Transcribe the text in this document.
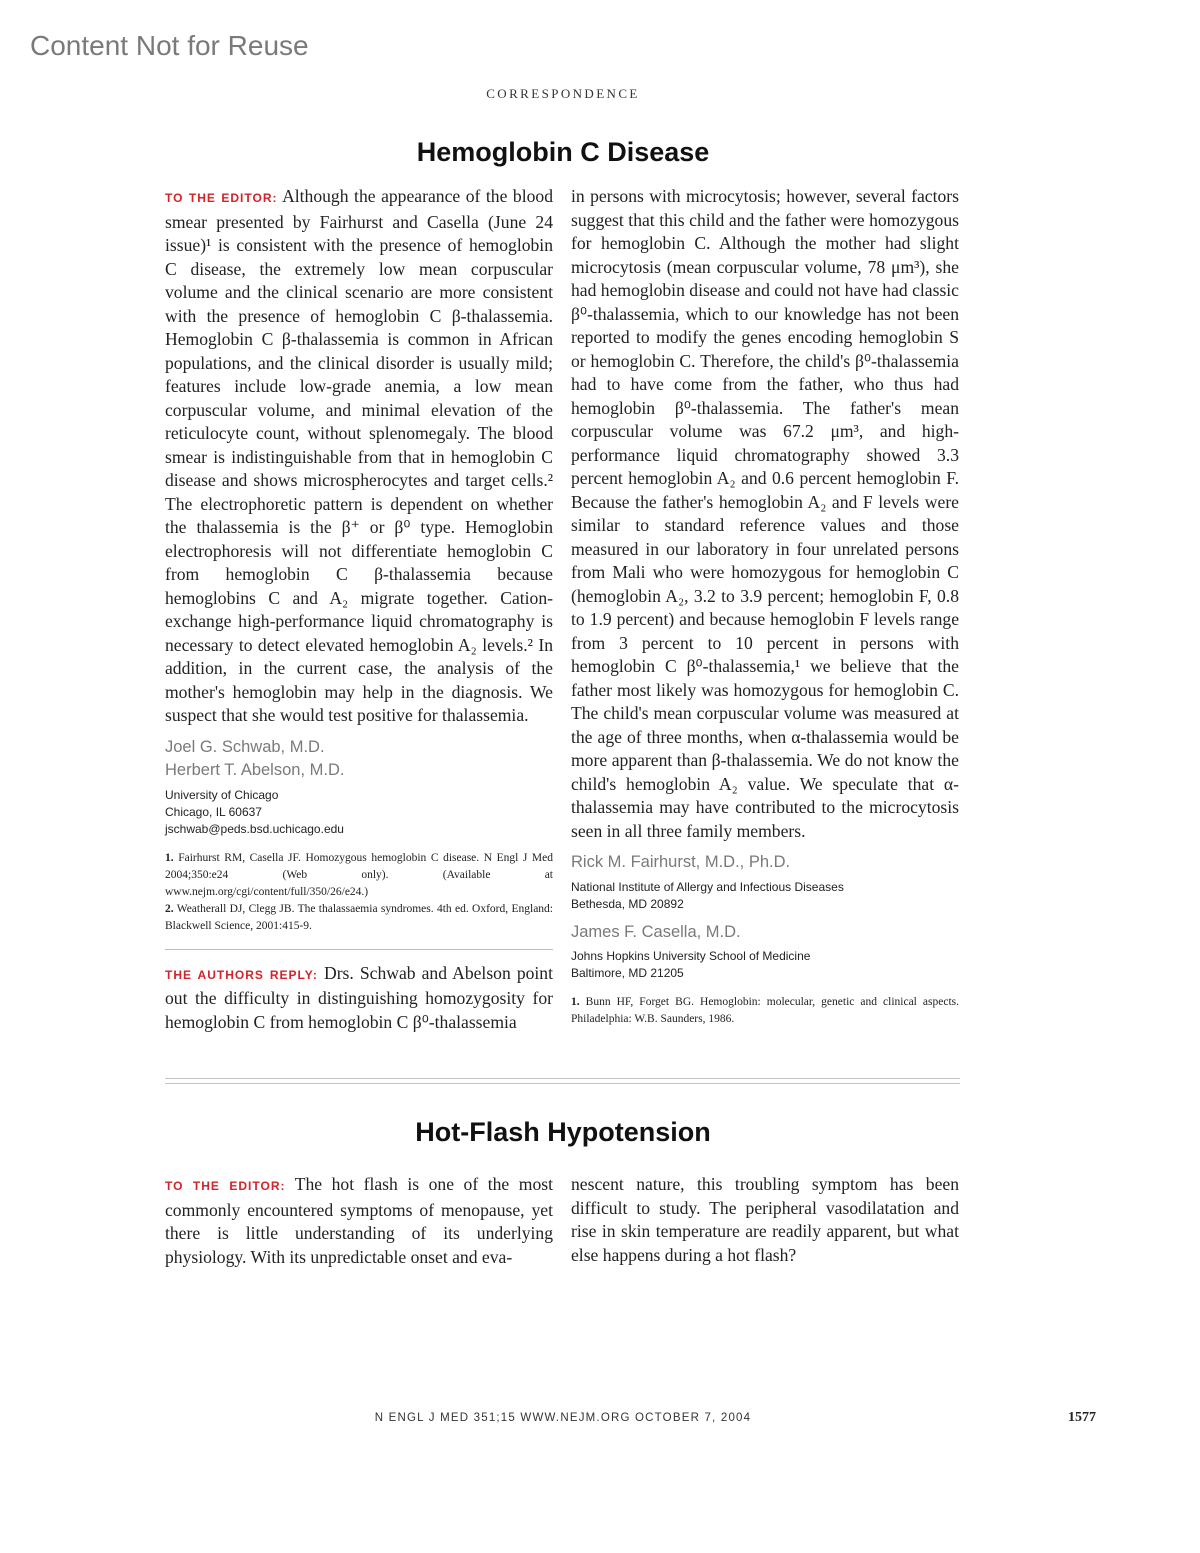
Content Not for Reuse
CORRESPONDENCE
Hemoglobin C Disease

TO THE EDITOR: Although the appearance of the blood smear presented by Fairhurst and Casella (June 24 issue)¹ is consistent with the presence of hemoglobin C disease, the extremely low mean corpuscular volume and the clinical scenario are more consistent with the presence of hemoglobin C β-thalassemia. Hemoglobin C β-thalassemia is common in African populations, and the clinical disorder is usually mild; features include low-grade anemia, a low mean corpuscular volume, and minimal elevation of the reticulocyte count, without splenomegaly. The blood smear is indistinguishable from that in hemoglobin C disease and shows microspherocytes and target cells.² The electrophoretic pattern is dependent on whether the thalassemia is the β⁺ or β⁰ type. Hemoglobin electrophoresis will not differentiate hemoglobin C from hemoglobin C β-thalassemia because hemoglobins C and A₂ migrate together. Cation-exchange high-performance liquid chromatography is necessary to detect elevated hemoglobin A₂ levels.² In addition, in the current case, the analysis of the mother's hemoglobin may help in the diagnosis. We suspect that she would test positive for thalassemia.

Joel G. Schwab, M.D.
Herbert T. Abelson, M.D.
University of Chicago
Chicago, IL 60637
jschwab@peds.bsd.uchicago.edu
1. Fairhurst RM, Casella JF. Homozygous hemoglobin C disease. N Engl J Med 2004;350:e24 (Web only). (Available at www.nejm.org/cgi/content/full/350/26/e24.)
2. Weatherall DJ, Clegg JB. The thalassaemia syndromes. 4th ed. Oxford, England: Blackwell Science, 2001:415-9.

THE AUTHORS REPLY: Drs. Schwab and Abelson point out the difficulty in distinguishing homozygosity for hemoglobin C from hemoglobin C β⁰-thalassemia

in persons with microcytosis; however, several factors suggest that this child and the father were homozygous for hemoglobin C. Although the mother had slight microcytosis (mean corpuscular volume, 78 μm³), she had hemoglobin disease and could not have had classic β⁰-thalassemia, which to our knowledge has not been reported to modify the genes encoding hemoglobin S or hemoglobin C. Therefore, the child's β⁰-thalassemia had to have come from the father, who thus had hemoglobin β⁰-thalassemia. The father's mean corpuscular volume was 67.2 μm³, and high- performance liquid chromatography showed 3.3 percent hemoglobin A₂ and 0.6 percent hemoglobin F. Because the father's hemoglobin A₂ and F levels were similar to standard reference values and those measured in our laboratory in four unrelated persons from Mali who were homozygous for hemoglobin C (hemoglobin A₂, 3.2 to 3.9 percent; hemoglobin F, 0.8 to 1.9 percent) and because hemoglobin F levels range from 3 percent to 10 percent in persons with hemoglobin C β⁰-thalassemia,¹ we believe that the father most likely was homozygous for hemoglobin C. The child's mean corpuscular volume was measured at the age of three months, when α-thalassemia would be more apparent than β-thalassemia. We do not know the child's hemoglobin A₂ value. We speculate that α-thalassemia may have contributed to the microcytosis seen in all three family members.

Rick M. Fairhurst, M.D., Ph.D.
National Institute of Allergy and Infectious Diseases
Bethesda, MD 20892
James F. Casella, M.D.
Johns Hopkins University School of Medicine
Baltimore, MD 21205
1. Bunn HF, Forget BG. Hemoglobin: molecular, genetic and clinical aspects. Philadelphia: W.B. Saunders, 1986.
Hot-Flash Hypotension

TO THE EDITOR: The hot flash is one of the most commonly encountered symptoms of menopause, yet there is little understanding of its underlying physiology. With its unpredictable onset and eva-

nescent nature, this troubling symptom has been difficult to study. The peripheral vasodilatation and rise in skin temperature are readily apparent, but what else happens during a hot flash?

N ENGL J MED 351;15 WWW.NEJM.ORG OCTOBER 7, 2004	1577
